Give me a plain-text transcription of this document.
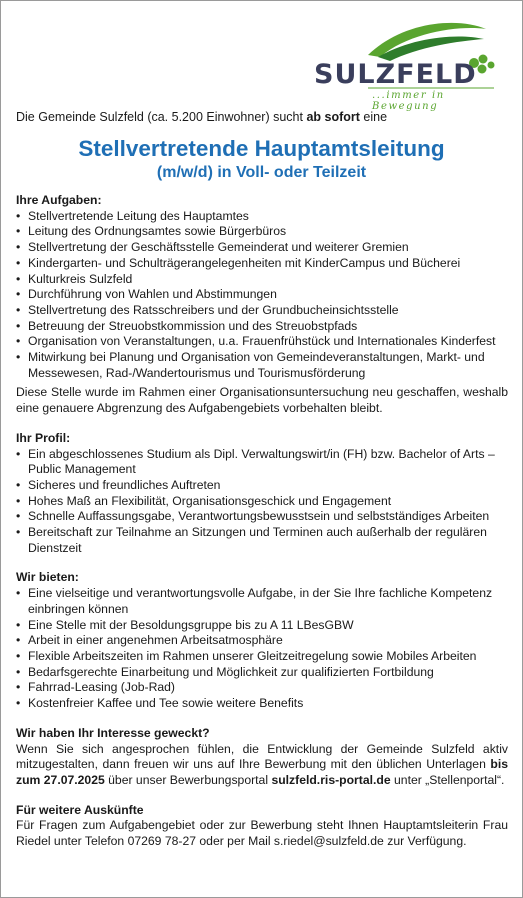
SULZFELD
...immer in Bewegung

Die Gemeinde Sulzfeld (ca. 5.200 Einwohner) sucht ab sofort eine

Stellvertretende Hauptamtsleitung
(m/w/d) in Voll- oder Teilzeit
Ihre Aufgaben:
• Stellvertretende Leitung des Hauptamtes
• Leitung des Ordnungsamtes sowie Bürgerbüros
• Stellvertretung der Geschäftsstelle Gemeinderat und weiterer Gremien
• Kindergarten- und Schulträgerangelegenheiten mit KinderCampus und Bücherei
• Kulturkreis Sulzfeld
• Durchführung von Wahlen und Abstimmungen
• Stellvertretung des Ratsschreibers und der Grundbucheinsichtsstelle
• Betreuung der Streuobstkommission und des Streuobstpfads
• Organisation von Veranstaltungen, u.a. Frauenfrühstück und Internationales Kinderfest
• Mitwirkung bei Planung und Organisation von Gemeindeveranstaltungen, Markt- und Messewesen, Rad-/Wandertourismus und Tourismusförderung

Diese Stelle wurde im Rahmen einer Organisationsuntersuchung neu geschaffen, weshalb eine genauere Abgrenzung des Aufgabengebiets vorbehalten bleibt.

Ihr Profil:
• Ein abgeschlossenes Studium als Dipl. Verwaltungswirt/in (FH) bzw. Bachelor of Arts – Public Management
• Sicheres und freundliches Auftreten
• Hohes Maß an Flexibilität, Organisationsgeschick und Engagement
• Schnelle Auffassungsgabe, Verantwortungsbewusstsein und selbstständiges Arbeiten
• Bereitschaft zur Teilnahme an Sitzungen und Terminen auch außerhalb der regulären Dienstzeit
Wir bieten:
• Eine vielseitige und verantwortungsvolle Aufgabe, in der Sie Ihre fachliche Kompetenz einbringen können
• Eine Stelle mit der Besoldungsgruppe bis zu A 11 LBesGBW
• Arbeit in einer angenehmen Arbeitsatmosphäre
• Flexible Arbeitszeiten im Rahmen unserer Gleitzeitregelung sowie Mobiles Arbeiten
• Bedarfsgerechte Einarbeitung und Möglichkeit zur qualifizierten Fortbildung
• Fahrrad-Leasing (Job-Rad)
• Kostenfreier Kaffee und Tee sowie weitere Benefits
Wir haben Ihr Interesse geweckt?

Wenn Sie sich angesprochen fühlen, die Entwicklung der Gemeinde Sulzfeld aktiv mitzugestalten, dann freuen wir uns auf Ihre Bewerbung mit den üblichen Unterlagen bis zum 27.07.2025 über unser Bewerbungsportal sulzfeld.ris-portal.de unter „Stellenportal“.

Für weitere Auskünfte

Für Fragen zum Aufgabengebiet oder zur Bewerbung steht Ihnen Hauptamtsleiterin Frau Riedel unter Telefon 07269 78-27 oder per Mail s.riedel@sulzfeld.de zur Verfügung.
